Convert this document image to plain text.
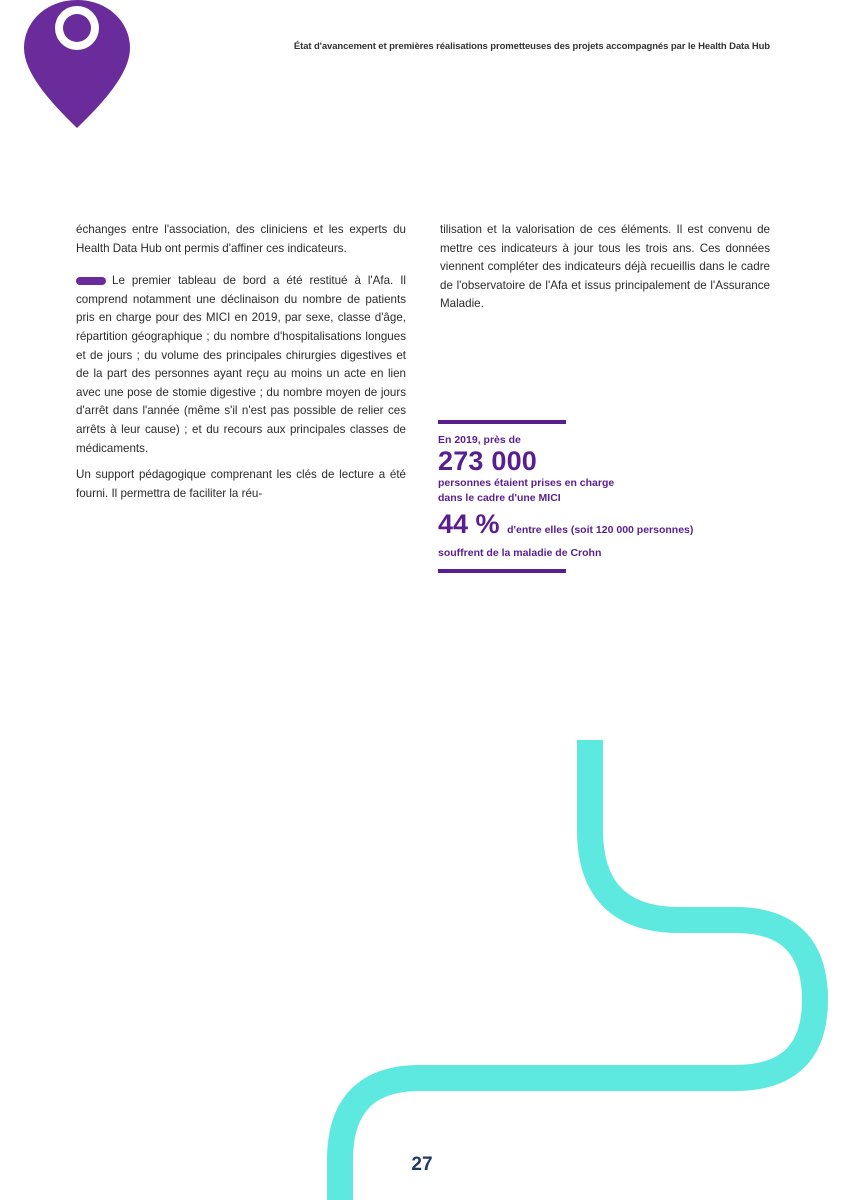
État d'avancement et premières réalisations prometteuses des projets accompagnés par le Health Data Hub

échanges entre l'association, des cliniciens et les experts du Health Data Hub ont permis d'affiner ces indicateurs.

Le premier tableau de bord a été restitué à l'Afa. Il comprend notamment une déclinaison du nombre de patients pris en charge pour des MICI en 2019, par sexe, classe d'âge, répartition géographique ; du nombre d'hospitalisations longues et de jours ; du volume des principales chirurgies digestives et de la part des personnes ayant reçu au moins un acte en lien avec une pose de stomie digestive ; du nombre moyen de jours d'arrêt dans l'année (même s'il n'est pas possible de relier ces arrêts à leur cause) ; et du recours aux principales classes de médicaments.

Un support pédagogique comprenant les clés de lecture a été fourni. Il permettra de faciliter la réu-

tilisation et la valorisation de ces éléments. Il est convenu de mettre ces indicateurs à jour tous les trois ans. Ces données viennent compléter des indicateurs déjà recueillis dans le cadre de l'observatoire de l'Afa et issus principalement de l'Assurance Maladie.

En 2019, près de
273 000
personnes étaient prises en charge
dans le cadre d'une MICI
44 % d'entre elles (soit 120 000 personnes)
souffrent de la maladie de Crohn
27
